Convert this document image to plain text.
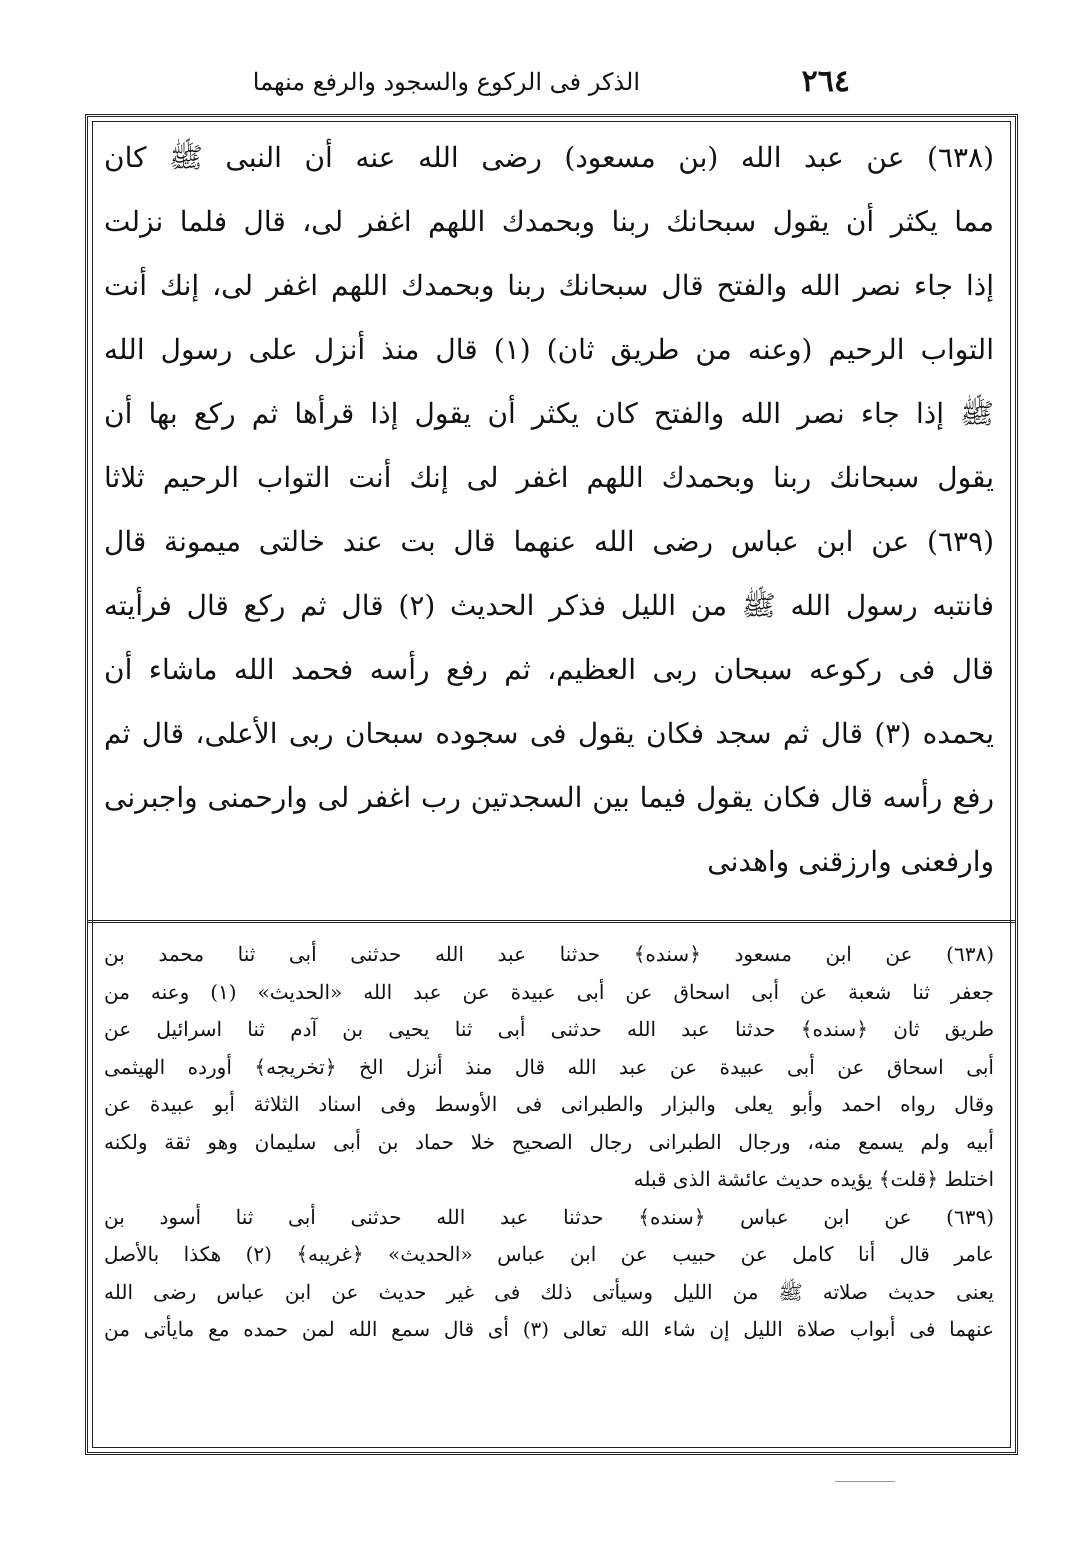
٢٦٤
الذكر فى الركوع والسجود والرفع منهما
(٦٣٨) عن عبد الله (بن مسعود) رضى الله عنه أن النبى ﷺ كان
مما يكثر أن يقول سبحانك ربنا وبحمدك اللهم اغفر لى، قال فلما نزلت
إذا جاء نصر الله والفتح قال سبحانك ربنا وبحمدك اللهم اغفر لى، إنك أنت
التواب الرحيم (وعنه من طريق ثان) (١) قال منذ أنزل على رسول الله
ﷺ إذا جاء نصر الله والفتح كان يكثر أن يقول إذا قرأها ثم ركع بها أن
يقول سبحانك ربنا وبحمدك اللهم اغفر لى إنك أنت التواب الرحيم ثلاثا
(٦٣٩) عن ابن عباس رضى الله عنهما قال بت عند خالتى ميمونة قال
فانتبه رسول الله ﷺ من الليل فذكر الحديث (٢) قال ثم ركع قال فرأيته
قال فى ركوعه سبحان ربى العظيم، ثم رفع رأسه فحمد الله ماشاء أن
يحمده (٣) قال ثم سجد فكان يقول فى سجوده سبحان ربى الأعلى، قال ثم
رفع رأسه قال فكان يقول فيما بين السجدتين رب اغفر لى وارحمنى واجبرنى
وارفعنى وارزقنى واهدنى
(٦٣٨) عن ابن مسعود ﴿سنده﴾ حدثنا عبد الله حدثنى أبى ثنا محمد بن
جعفر ثنا شعبة عن أبى اسحاق عن أبى عبيدة عن عبد الله «الحديث» (١) وعنه من
طريق ثان ﴿سنده﴾ حدثنا عبد الله حدثنى أبى ثنا يحيى بن آدم ثنا اسرائيل عن
أبى اسحاق عن أبى عبيدة عن عبد الله قال منذ أنزل الخ ﴿تخريجه﴾ أورده الهيثمى
وقال رواه احمد وأبو يعلى والبزار والطبرانى فى الأوسط وفى اسناد الثلاثة أبو عبيدة عن
أبيه ولم يسمع منه، ورجال الطبرانى رجال الصحيح خلا حماد بن أبى سليمان وهو ثقة ولكنه
اختلط ﴿قلت﴾ يؤيده حديث عائشة الذى قبله
(٦٣٩) عن ابن عباس ﴿سنده﴾ حدثنا عبد الله حدثنى أبى ثنا أسود بن
عامر قال أنا كامل عن حبيب عن ابن عباس «الحديث» ﴿غريبه﴾ (٢) هكذا بالأصل
يعنى حديث صلاته ﷺ من الليل وسيأتى ذلك فى غير حديث عن ابن عباس رضى الله
عنهما فى أبواب صلاة الليل إن شاء الله تعالى (٣) أى قال سمع الله لمن حمده مع مايأتى من
